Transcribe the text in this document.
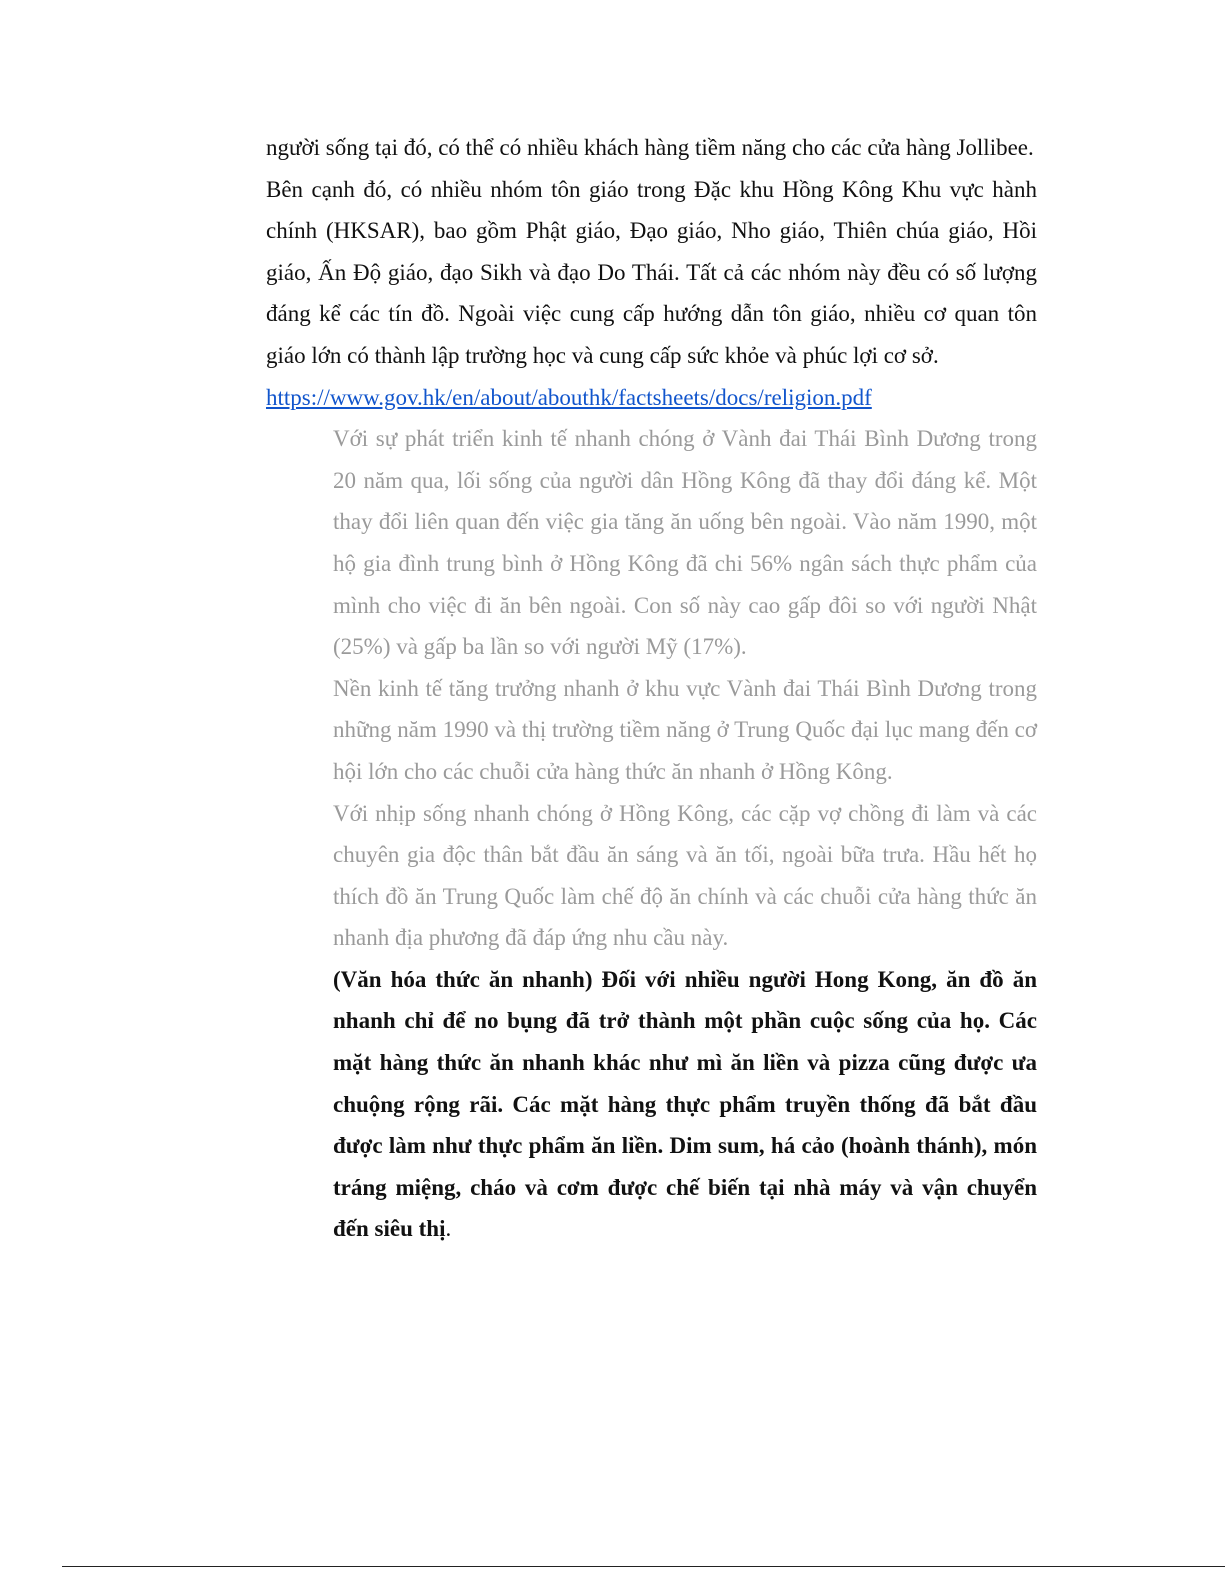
người sống tại đó, có thể có nhiều khách hàng tiềm năng cho các cửa hàng Jollibee.

Bên cạnh đó, có nhiều nhóm tôn giáo trong Đặc khu Hồng Kông Khu vực hành chính (HKSAR), bao gồm Phật giáo, Đạo giáo, Nho giáo, Thiên chúa giáo, Hồi giáo, Ấn Độ giáo, đạo Sikh và đạo Do Thái. Tất cả các nhóm này đều có số lượng đáng kể các tín đồ. Ngoài việc cung cấp hướng dẫn tôn giáo, nhiều cơ quan tôn giáo lớn có thành lập trường học và cung cấp sức khỏe và phúc lợi cơ sở.

https://www.gov.hk/en/about/abouthk/factsheets/docs/religion.pdf

Với sự phát triển kinh tế nhanh chóng ở Vành đai Thái Bình Dương trong 20 năm qua, lối sống của người dân Hồng Kông đã thay đổi đáng kể. Một thay đổi liên quan đến việc gia tăng ăn uống bên ngoài. Vào năm 1990, một hộ gia đình trung bình ở Hồng Kông đã chi 56% ngân sách thực phẩm của mình cho việc đi ăn bên ngoài. Con số này cao gấp đôi so với người Nhật (25%) và gấp ba lần so với người Mỹ (17%).

Nền kinh tế tăng trưởng nhanh ở khu vực Vành đai Thái Bình Dương trong những năm 1990 và thị trường tiềm năng ở Trung Quốc đại lục mang đến cơ hội lớn cho các chuỗi cửa hàng thức ăn nhanh ở Hồng Kông.

Với nhịp sống nhanh chóng ở Hồng Kông, các cặp vợ chồng đi làm và các chuyên gia độc thân bắt đầu ăn sáng và ăn tối, ngoài bữa trưa. Hầu hết họ thích đồ ăn Trung Quốc làm chế độ ăn chính và các chuỗi cửa hàng thức ăn nhanh địa phương đã đáp ứng nhu cầu này.

(Văn hóa thức ăn nhanh) Đối với nhiều người Hong Kong, ăn đồ ăn nhanh chỉ để no bụng đã trở thành một phần cuộc sống của họ. Các mặt hàng thức ăn nhanh khác như mì ăn liền và pizza cũng được ưa chuộng rộng rãi. Các mặt hàng thực phẩm truyền thống đã bắt đầu được làm như thực phẩm ăn liền. Dim sum, há cảo (hoành thánh), món tráng miệng, cháo và cơm được chế biến tại nhà máy và vận chuyển đến siêu thị.
